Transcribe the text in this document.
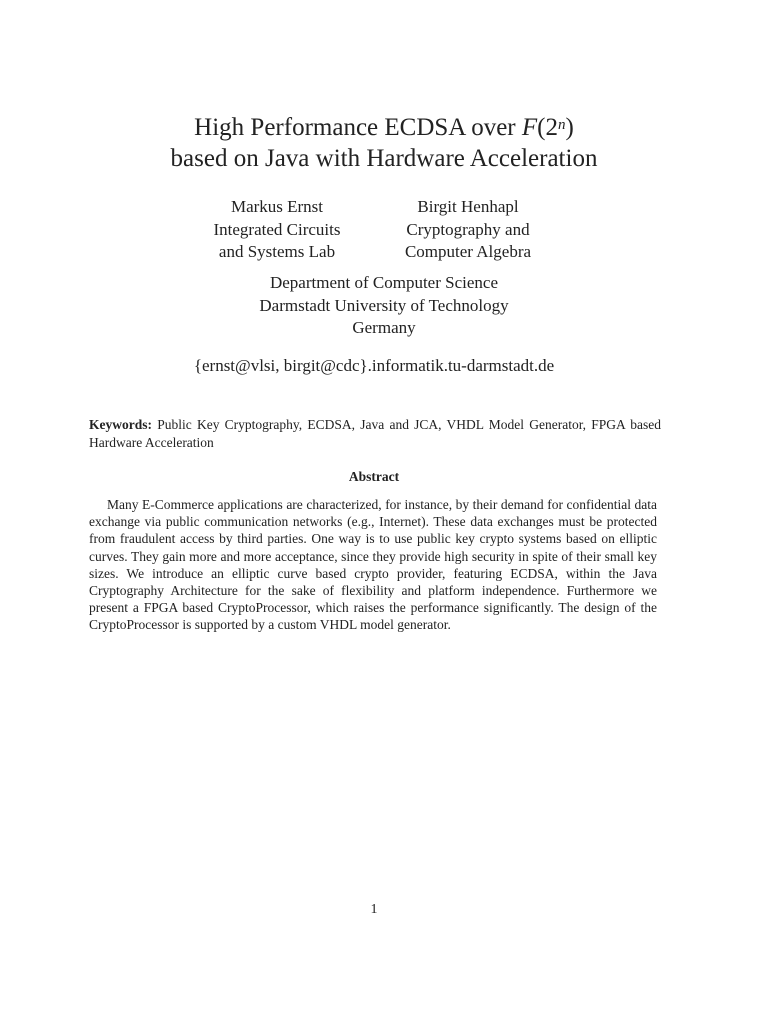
High Performance ECDSA over F(2$^n$)
based on Java with Hardware Acceleration
Markus Ernst
Integrated Circuits
and Systems Lab
Birgit Henhapl
Cryptography and
Computer Algebra
Department of Computer Science
Darmstadt University of Technology
Germany
{ernst@vlsi, birgit@cdc}.informatik.tu-darmstadt.de
Keywords: Public Key Cryptography, ECDSA, Java and JCA, VHDL Model Generator, FPGA based Hardware Acceleration
Abstract
Many E-Commerce applications are characterized, for instance, by their demand for confidential data exchange via public communication networks (e.g., Internet). These data exchanges must be protected from fraudulent access by third parties. One way is to use public key crypto systems based on elliptic curves. They gain more and more acceptance, since they provide high security in spite of their small key sizes. We introduce an elliptic curve based crypto provider, featuring ECDSA, within the Java Cryptography Architecture for the sake of flexibility and platform independence. Furthermore we present a FPGA based CryptoProcessor, which raises the performance significantly. The design of the CryptoProcessor is supported by a custom VHDL model generator.
1
